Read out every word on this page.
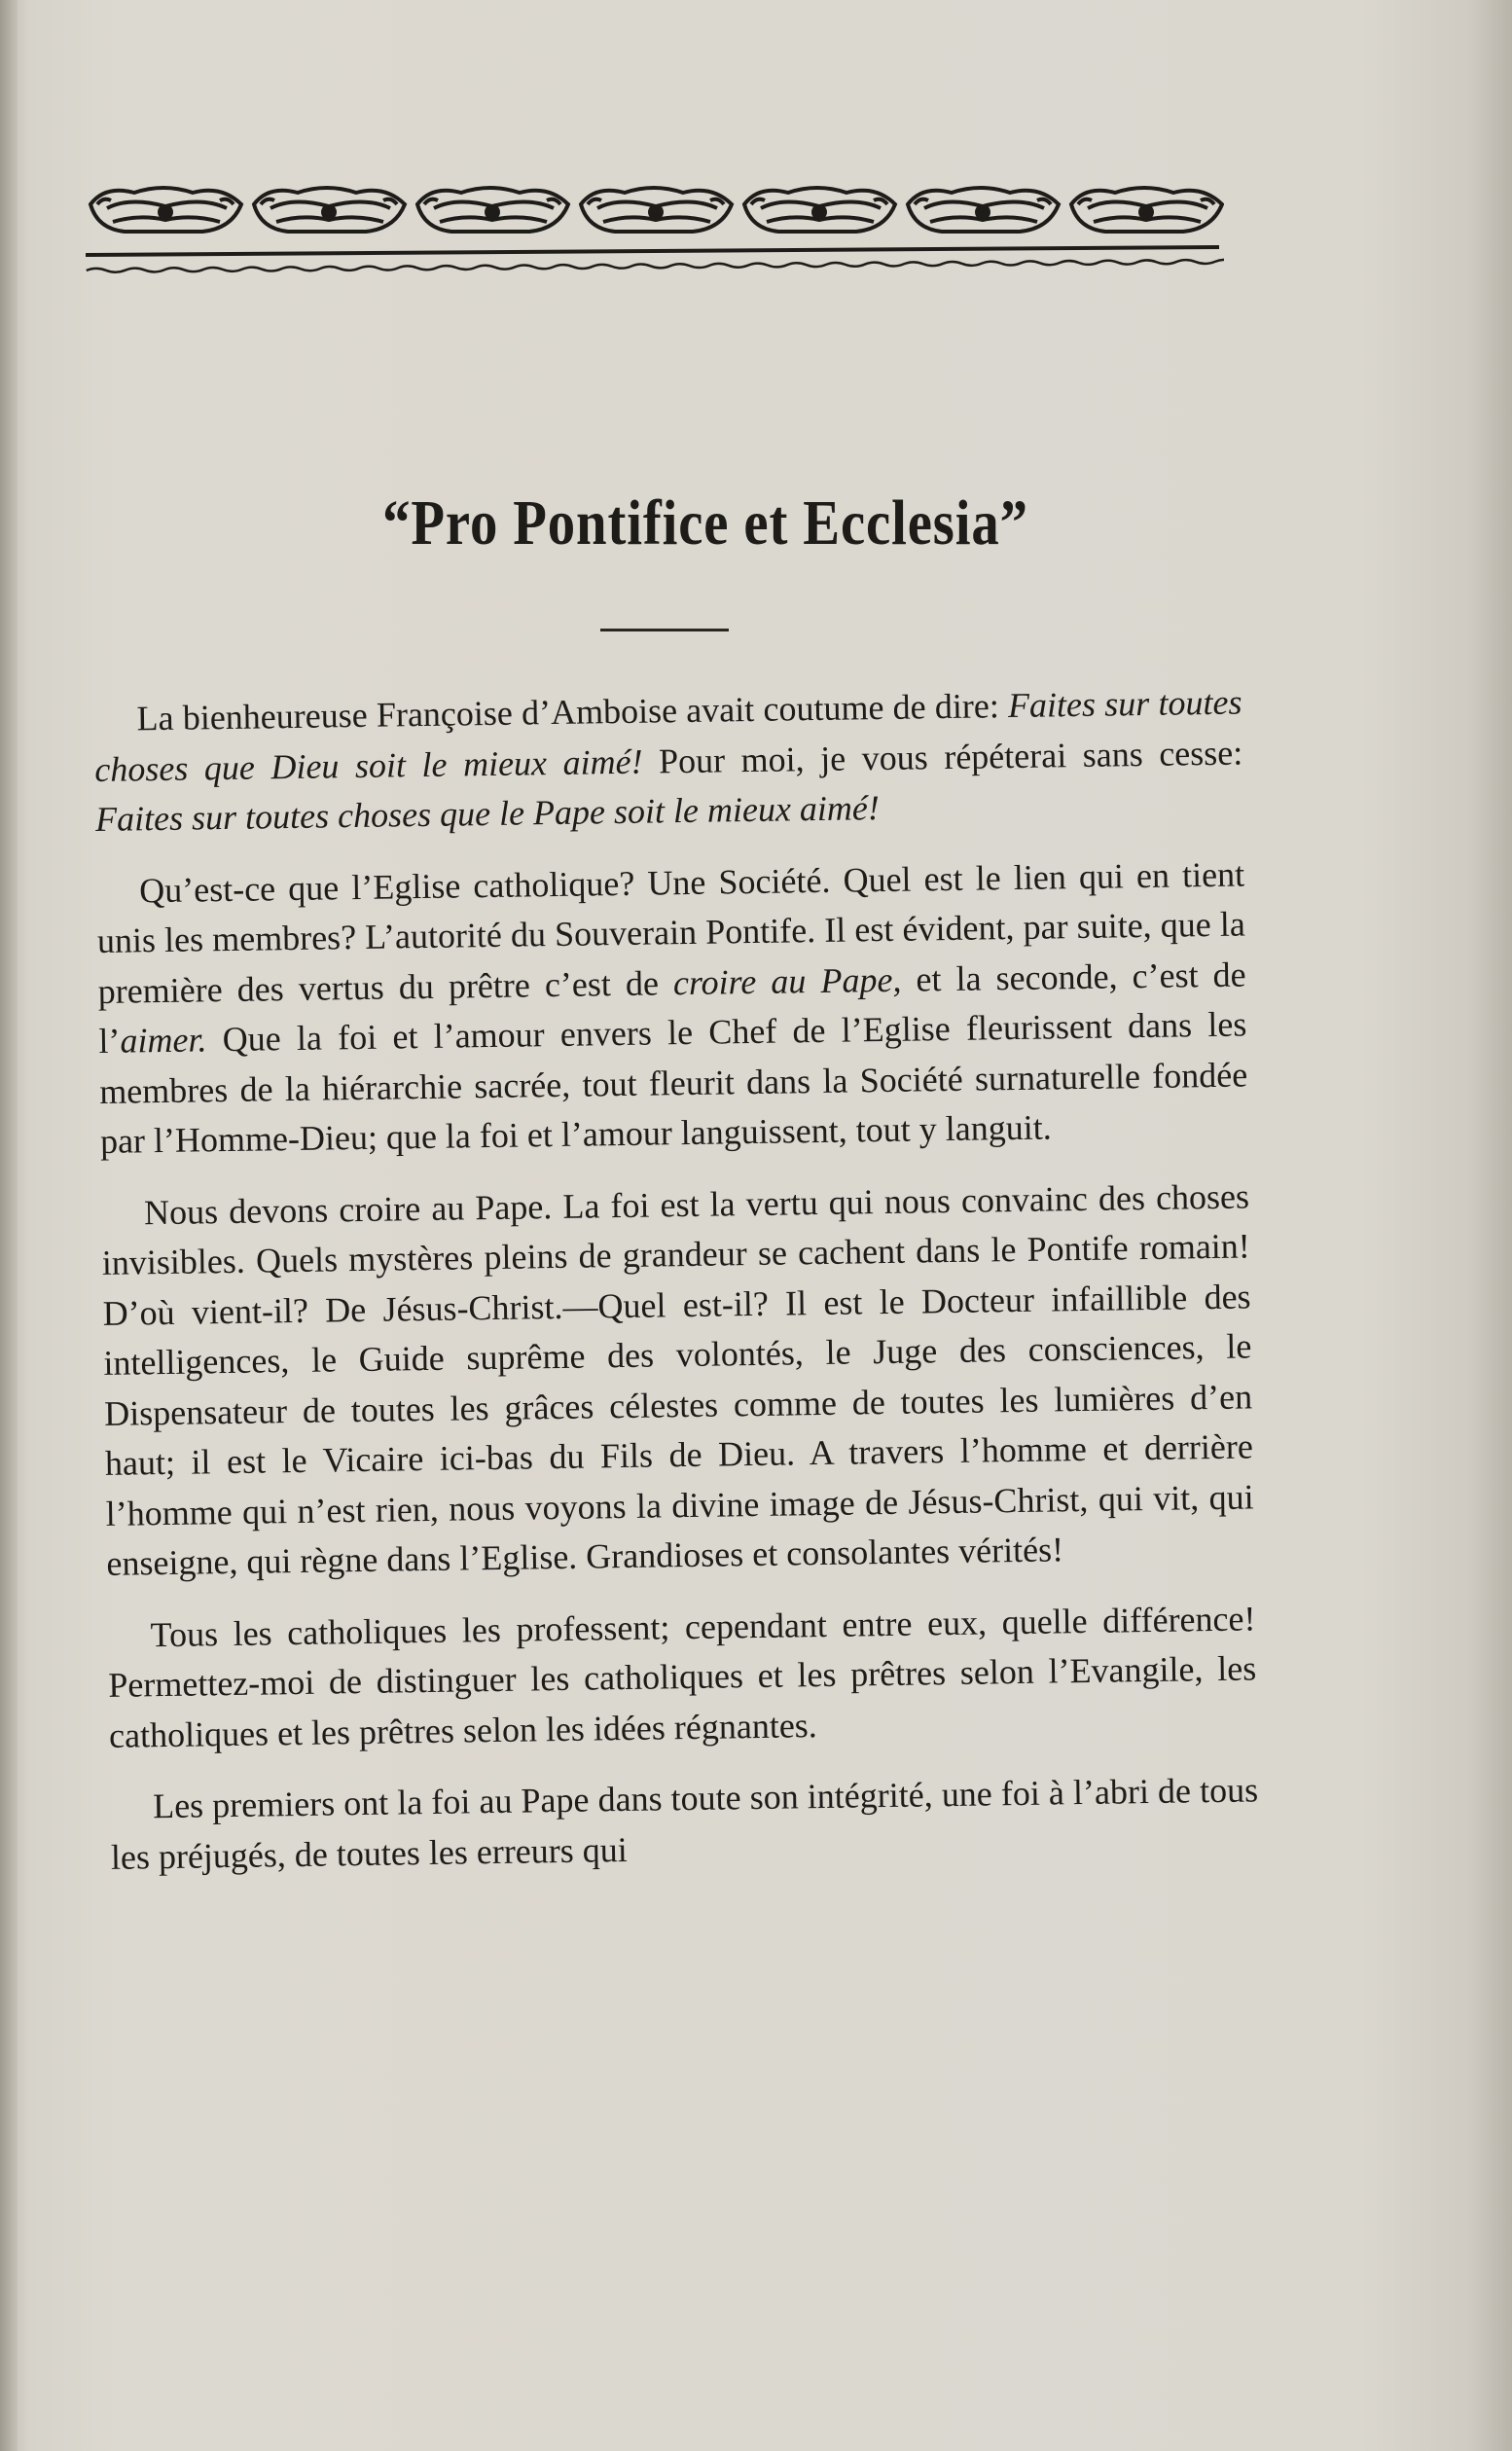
“Pro Pontifice et Ecclesia”

La bienheureuse Françoise d’Amboise avait coutume de dire: Faites sur toutes choses que Dieu soit le mieux aimé! Pour moi, je vous répéterai sans cesse: Faites sur toutes choses que le Pape soit le mieux aimé!

Qu’est-ce que l’Eglise catholique? Une Société. Quel est le lien qui en tient unis les membres? L’autorité du Souverain Pontife. Il est évident, par suite, que la première des vertus du prêtre c’est de croire au Pape, et la seconde, c’est de l’aimer. Que la foi et l’amour envers le Chef de l’Eglise fleurissent dans les membres de la hiérarchie sacrée, tout fleurit dans la Société surnaturelle fondée par l’Homme-Dieu; que la foi et l’amour languissent, tout y languit.

Nous devons croire au Pape. La foi est la vertu qui nous convainc des choses invisibles. Quels mystères pleins de grandeur se cachent dans le Pontife romain! D’où vient-il? De Jésus-Christ.—Quel est-il? Il est le Docteur infaillible des intelligences, le Guide suprême des volontés, le Juge des consciences, le Dispensateur de toutes les grâces célestes comme de toutes les lumières d’en haut; il est le Vicaire ici-bas du Fils de Dieu. A travers l’homme et derrière l’homme qui n’est rien, nous voyons la divine image de Jésus-Christ, qui vit, qui enseigne, qui règne dans l’Eglise. Grandioses et consolantes vérités!

Tous les catholiques les professent; cependant entre eux, quelle différence! Permettez-moi de distinguer les catholiques et les prêtres selon l’Evangile, les catholiques et les prêtres selon les idées régnantes.

Les premiers ont la foi au Pape dans toute son intégrité, une foi à l’abri de tous les préjugés, de toutes les erreurs qui
